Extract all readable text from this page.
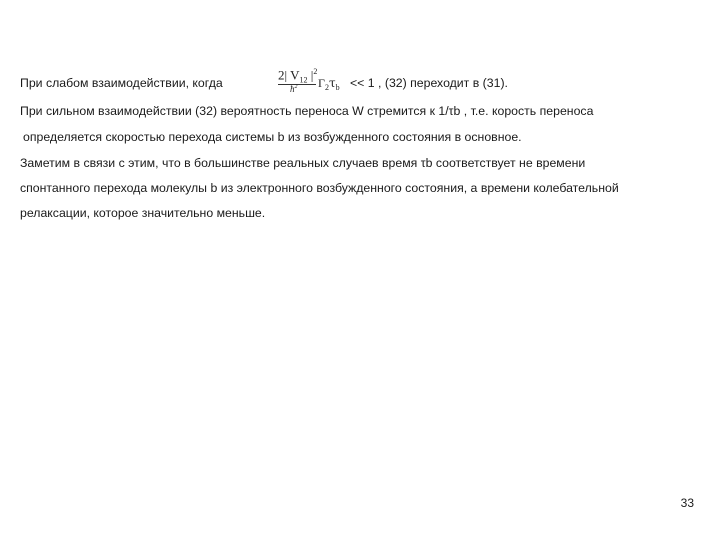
При слабом взаимодействии, когда
2| $V_{12}$ $|^2$
$ħ^2$ $Г_2\tau_b << 1$ , (32) переходит в (31).
При сильном взаимодействии (32) вероятность переноса W стремится к 1/τb , т.е. корость переноса
определяется скоростью перехода системы b из возбужденного состояния в основное.
Заметим в связи с этим, что в большинстве реальных случаев время τb соответствует не времени
спонтанного перехода молекулы b из электронного возбужденного состояния, а времени колебательной
релаксации, которое значительно меньше.
33
